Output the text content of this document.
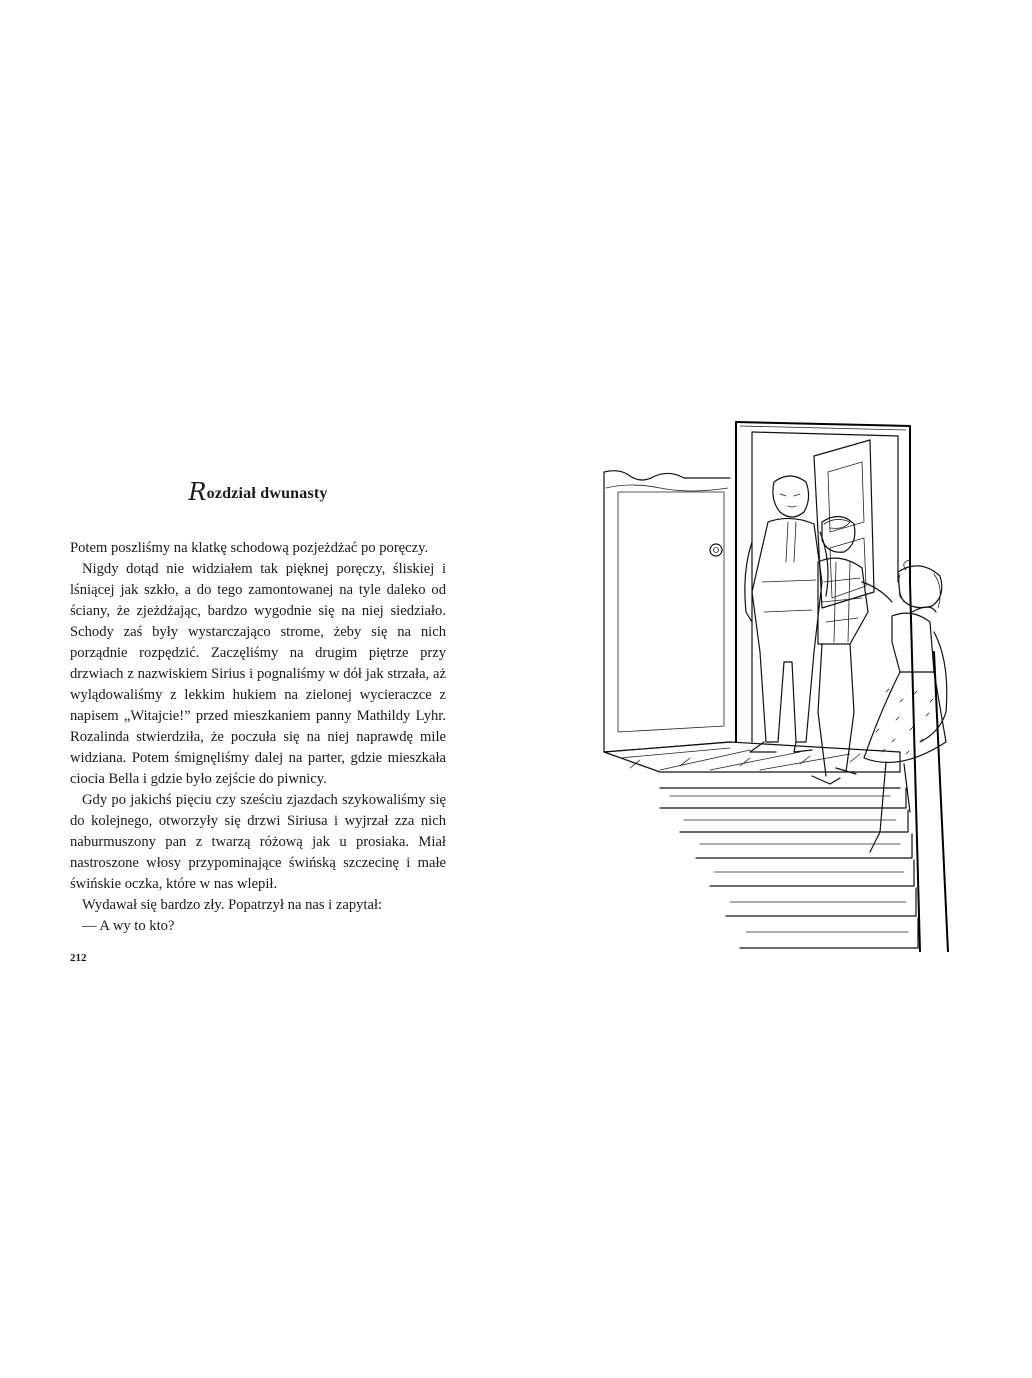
Rozdział dwunasty

Potem poszliśmy na klatkę schodową pozjeżdżać po poręczy.

Nigdy dotąd nie widziałem tak pięknej poręczy, śliskiej i lśniącej jak szkło, a do tego zamontowanej na tyle daleko od ściany, że zjeżdżając, bardzo wygodnie się na niej siedziało. Schody zaś były wystarczająco strome, żeby się na nich porządnie rozpędzić. Zaczęliśmy na drugim piętrze przy drzwiach z nazwiskiem Sirius i pognaliśmy w dół jak strzała, aż wylądowaliśmy z lekkim hukiem na zielonej wycieraczce z napisem „Witajcie!” przed mieszkaniem panny Mathildy Lyhr. Rozalinda stwierdziła, że poczuła się na niej naprawdę mile widziana. Potem śmignęliśmy dalej na parter, gdzie mieszkała ciocia Bella i gdzie było zejście do piwnicy.

Gdy po jakichś pięciu czy sześciu zjazdach szykowaliśmy się do kolejnego, otworzyły się drzwi Siriusa i wyjrzał zza nich naburmuszony pan z twarzą różową jak u prosiaka. Miał nastroszone włosy przypominające świńską szczecinę i małe świńskie oczka, które w nas wlepił.

Wydawał się bardzo zły. Popatrzył na nas i zapytał:

— A wy to kto?

212
